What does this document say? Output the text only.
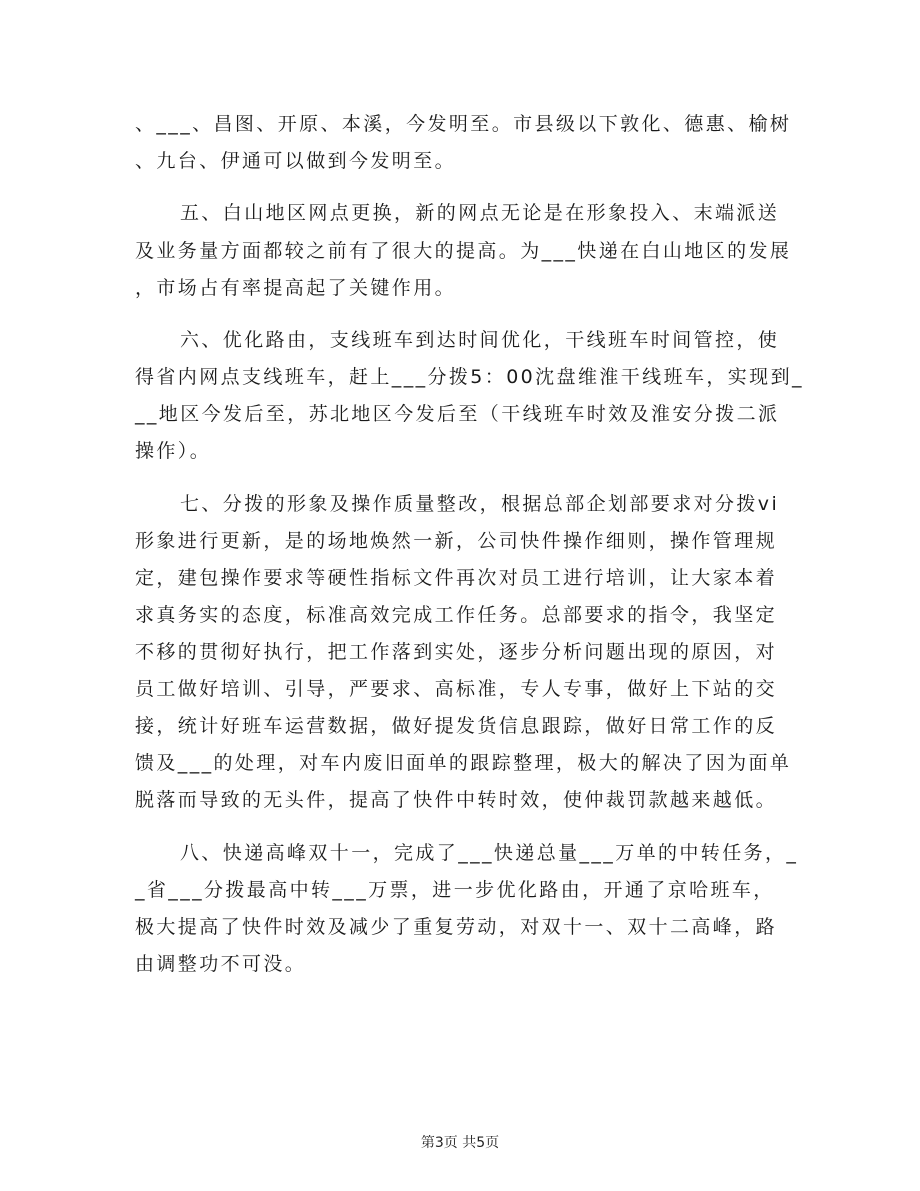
、___、昌图、开原、本溪，今发明至。市县级以下敦化、德惠、榆树
、九台、伊通可以做到今发明至。
五、白山地区网点更换，新的网点无论是在形象投入、末端派送
及业务量方面都较之前有了很大的提高。为___快递在白山地区的发展
，市场占有率提高起了关键作用。
六、优化路由，支线班车到达时间优化，干线班车时间管控，使
得省内网点支线班车，赶上___分拨5：00沈盘维淮干线班车，实现到_
__地区今发后至，苏北地区今发后至（干线班车时效及淮安分拨二派
操作）。
七、分拨的形象及操作质量整改，根据总部企划部要求对分拨vi
形象进行更新，是的场地焕然一新，公司快件操作细则，操作管理规
定，建包操作要求等硬性指标文件再次对员工进行培训，让大家本着
求真务实的态度，标准高效完成工作任务。总部要求的指令，我坚定
不移的贯彻好执行，把工作落到实处，逐步分析问题出现的原因，对
员工做好培训、引导，严要求、高标准，专人专事，做好上下站的交
接，统计好班车运营数据，做好提发货信息跟踪，做好日常工作的反
馈及___的处理，对车内废旧面单的跟踪整理，极大的解决了因为面单
脱落而导致的无头件，提高了快件中转时效，使仲裁罚款越来越低。
八、快递高峰双十一，完成了___快递总量___万单的中转任务，_
_省___分拨最高中转___万票，进一步优化路由，开通了京哈班车，
极大提高了快件时效及减少了重复劳动，对双十一、双十二高峰，路
由调整功不可没。
第3页 共5页
